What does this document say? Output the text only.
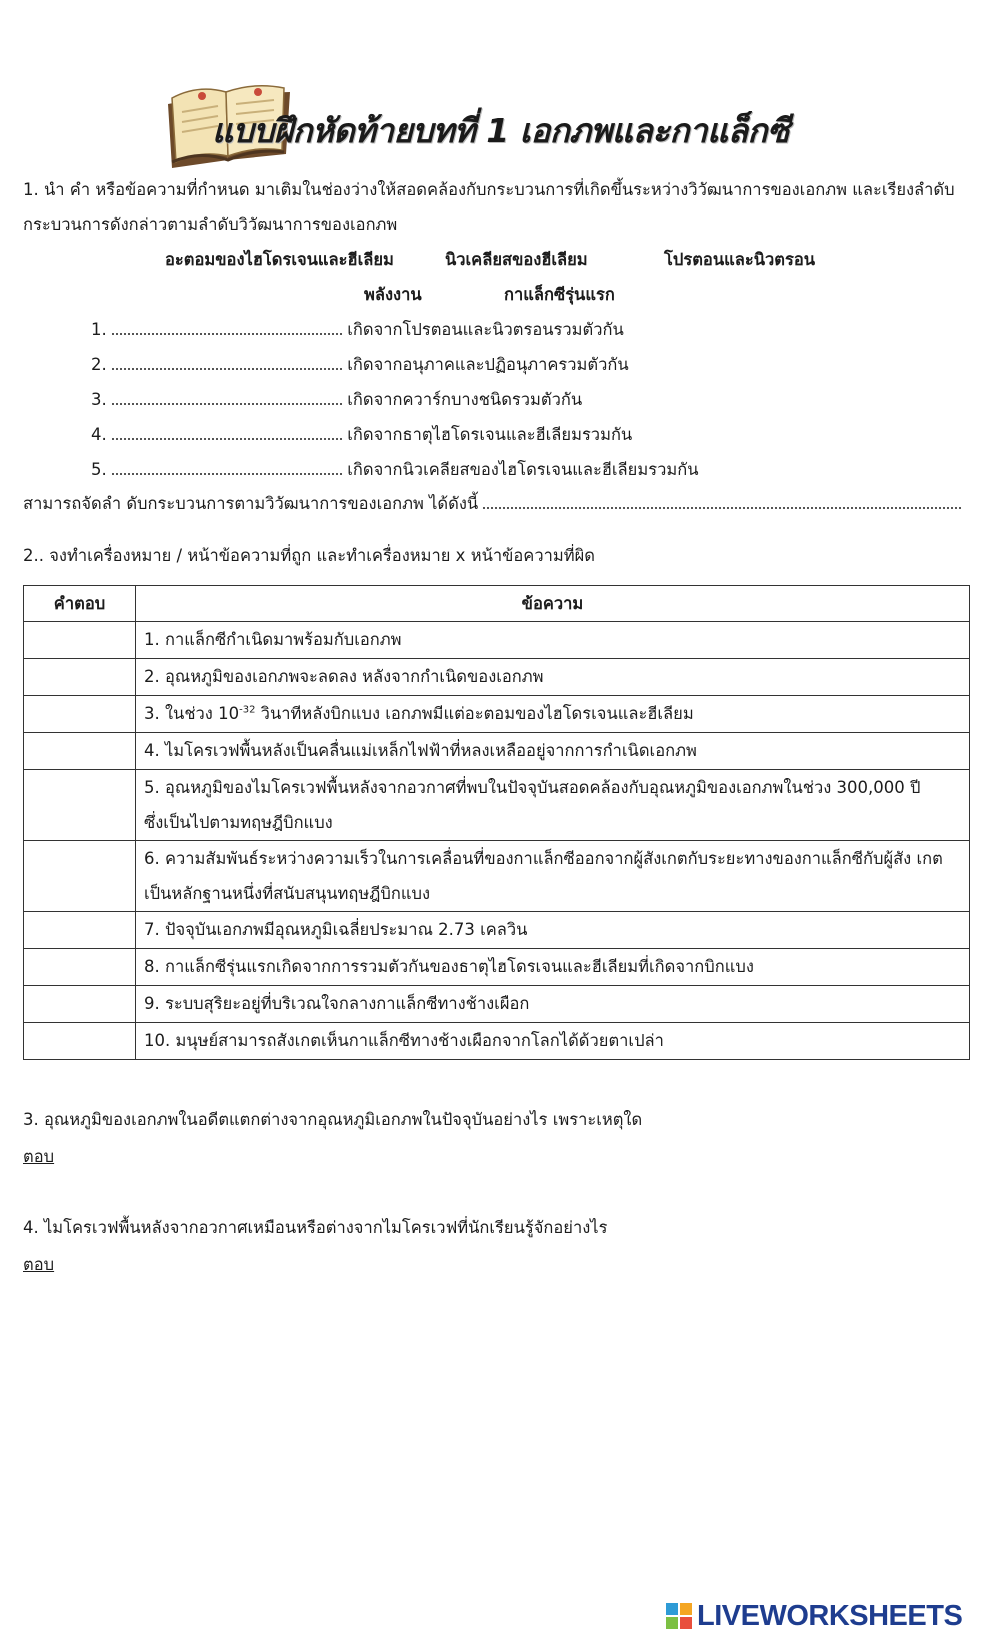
แบบฝึกหัดท้ายบทที่ 1 เอกภพและกาแล็กซี
1. นำ คำ หรือข้อความที่กำหนด มาเติมในช่องว่างให้สอดคล้องกับกระบวนการที่เกิดขึ้นระหว่างวิวัฒนาการของเอกภพ และเรียงลำดับ
กระบวนการดังกล่าวตามลำดับวิวัฒนาการของเอกภพ
อะตอมของไฮโดรเจนและฮีเลียม	นิวเคลียสของฮีเลียม	โปรตอนและนิวตรอน
พลังงาน	กาแล็กซีรุ่นแรก
1.	เกิดจากโปรตอนและนิวตรอนรวมตัวกัน
2.	เกิดจากอนุภาคและปฏิอนุภาครวมตัวกัน
3.	เกิดจากควาร์กบางชนิดรวมตัวกัน
4.	เกิดจากธาตุไฮโดรเจนและฮีเลียมรวมกัน
5.	เกิดจากนิวเคลียสของไฮโดรเจนและฮีเลียมรวมกัน
สามารถจัดลำ ดับกระบวนการตามวิวัฒนาการของเอกภพ ได้ดังนี้
2.. จงทำเครื่องหมาย / หน้าข้อความที่ถูก และทำเครื่องหมาย x หน้าข้อความที่ผิด
คำตอบ	ข้อความ
	1. กาแล็กซีกำเนิดมาพร้อมกับเอกภพ
	2. อุณหภูมิของเอกภพจะลดลง หลังจากกำเนิดของเอกภพ
	3. ในช่วง $10^{-32}$ วินาทีหลังบิกแบง เอกภพมีแต่อะตอมของไฮโดรเจนและฮีเลียม
	4. ไมโครเวฟพื้นหลังเป็นคลื่นแม่เหล็กไฟฟ้าที่หลงเหลืออยู่จากการกำเนิดเอกภพ

	5. อุณหภูมิของไมโครเวฟพื้นหลังจากอวกาศที่พบในปัจจุบันสอดคล้องกับอุณหภูมิของเอกภพในช่วง 300,000 ปี
ซึ่งเป็นไปตามทฤษฎีบิกแบง

	6. ความสัมพันธ์ระหว่างความเร็วในการเคลื่อนที่ของกาแล็กซีออกจากผู้สังเกตกับระยะทางของกาแล็กซีกับผู้สัง เกต
เป็นหลักฐานหนึ่งที่สนับสนุนทฤษฎีบิกแบง

	7. ปัจจุบันเอกภพมีอุณหภูมิเฉลี่ยประมาณ 2.73 เคลวิน
	8. กาแล็กซีรุ่นแรกเกิดจากการรวมตัวกันของธาตุไฮโดรเจนและฮีเลียมที่เกิดจากบิกแบง
	9. ระบบสุริยะอยู่ที่บริเวณใจกลางกาแล็กซีทางช้างเผือก
	10. มนุษย์สามารถสังเกตเห็นกาแล็กซีทางช้างเผือกจากโลกได้ด้วยตาเปล่า
3. อุณหภูมิของเอกภพในอดีตแตกต่างจากอุณหภูมิเอกภพในปัจจุบันอย่างไร เพราะเหตุใด
ตอบ
4. ไมโครเวฟพื้นหลังจากอวกาศเหมือนหรือต่างจากไมโครเวฟที่นักเรียนรู้จักอย่างไร
ตอบ
LIVEWORKSHEETS
